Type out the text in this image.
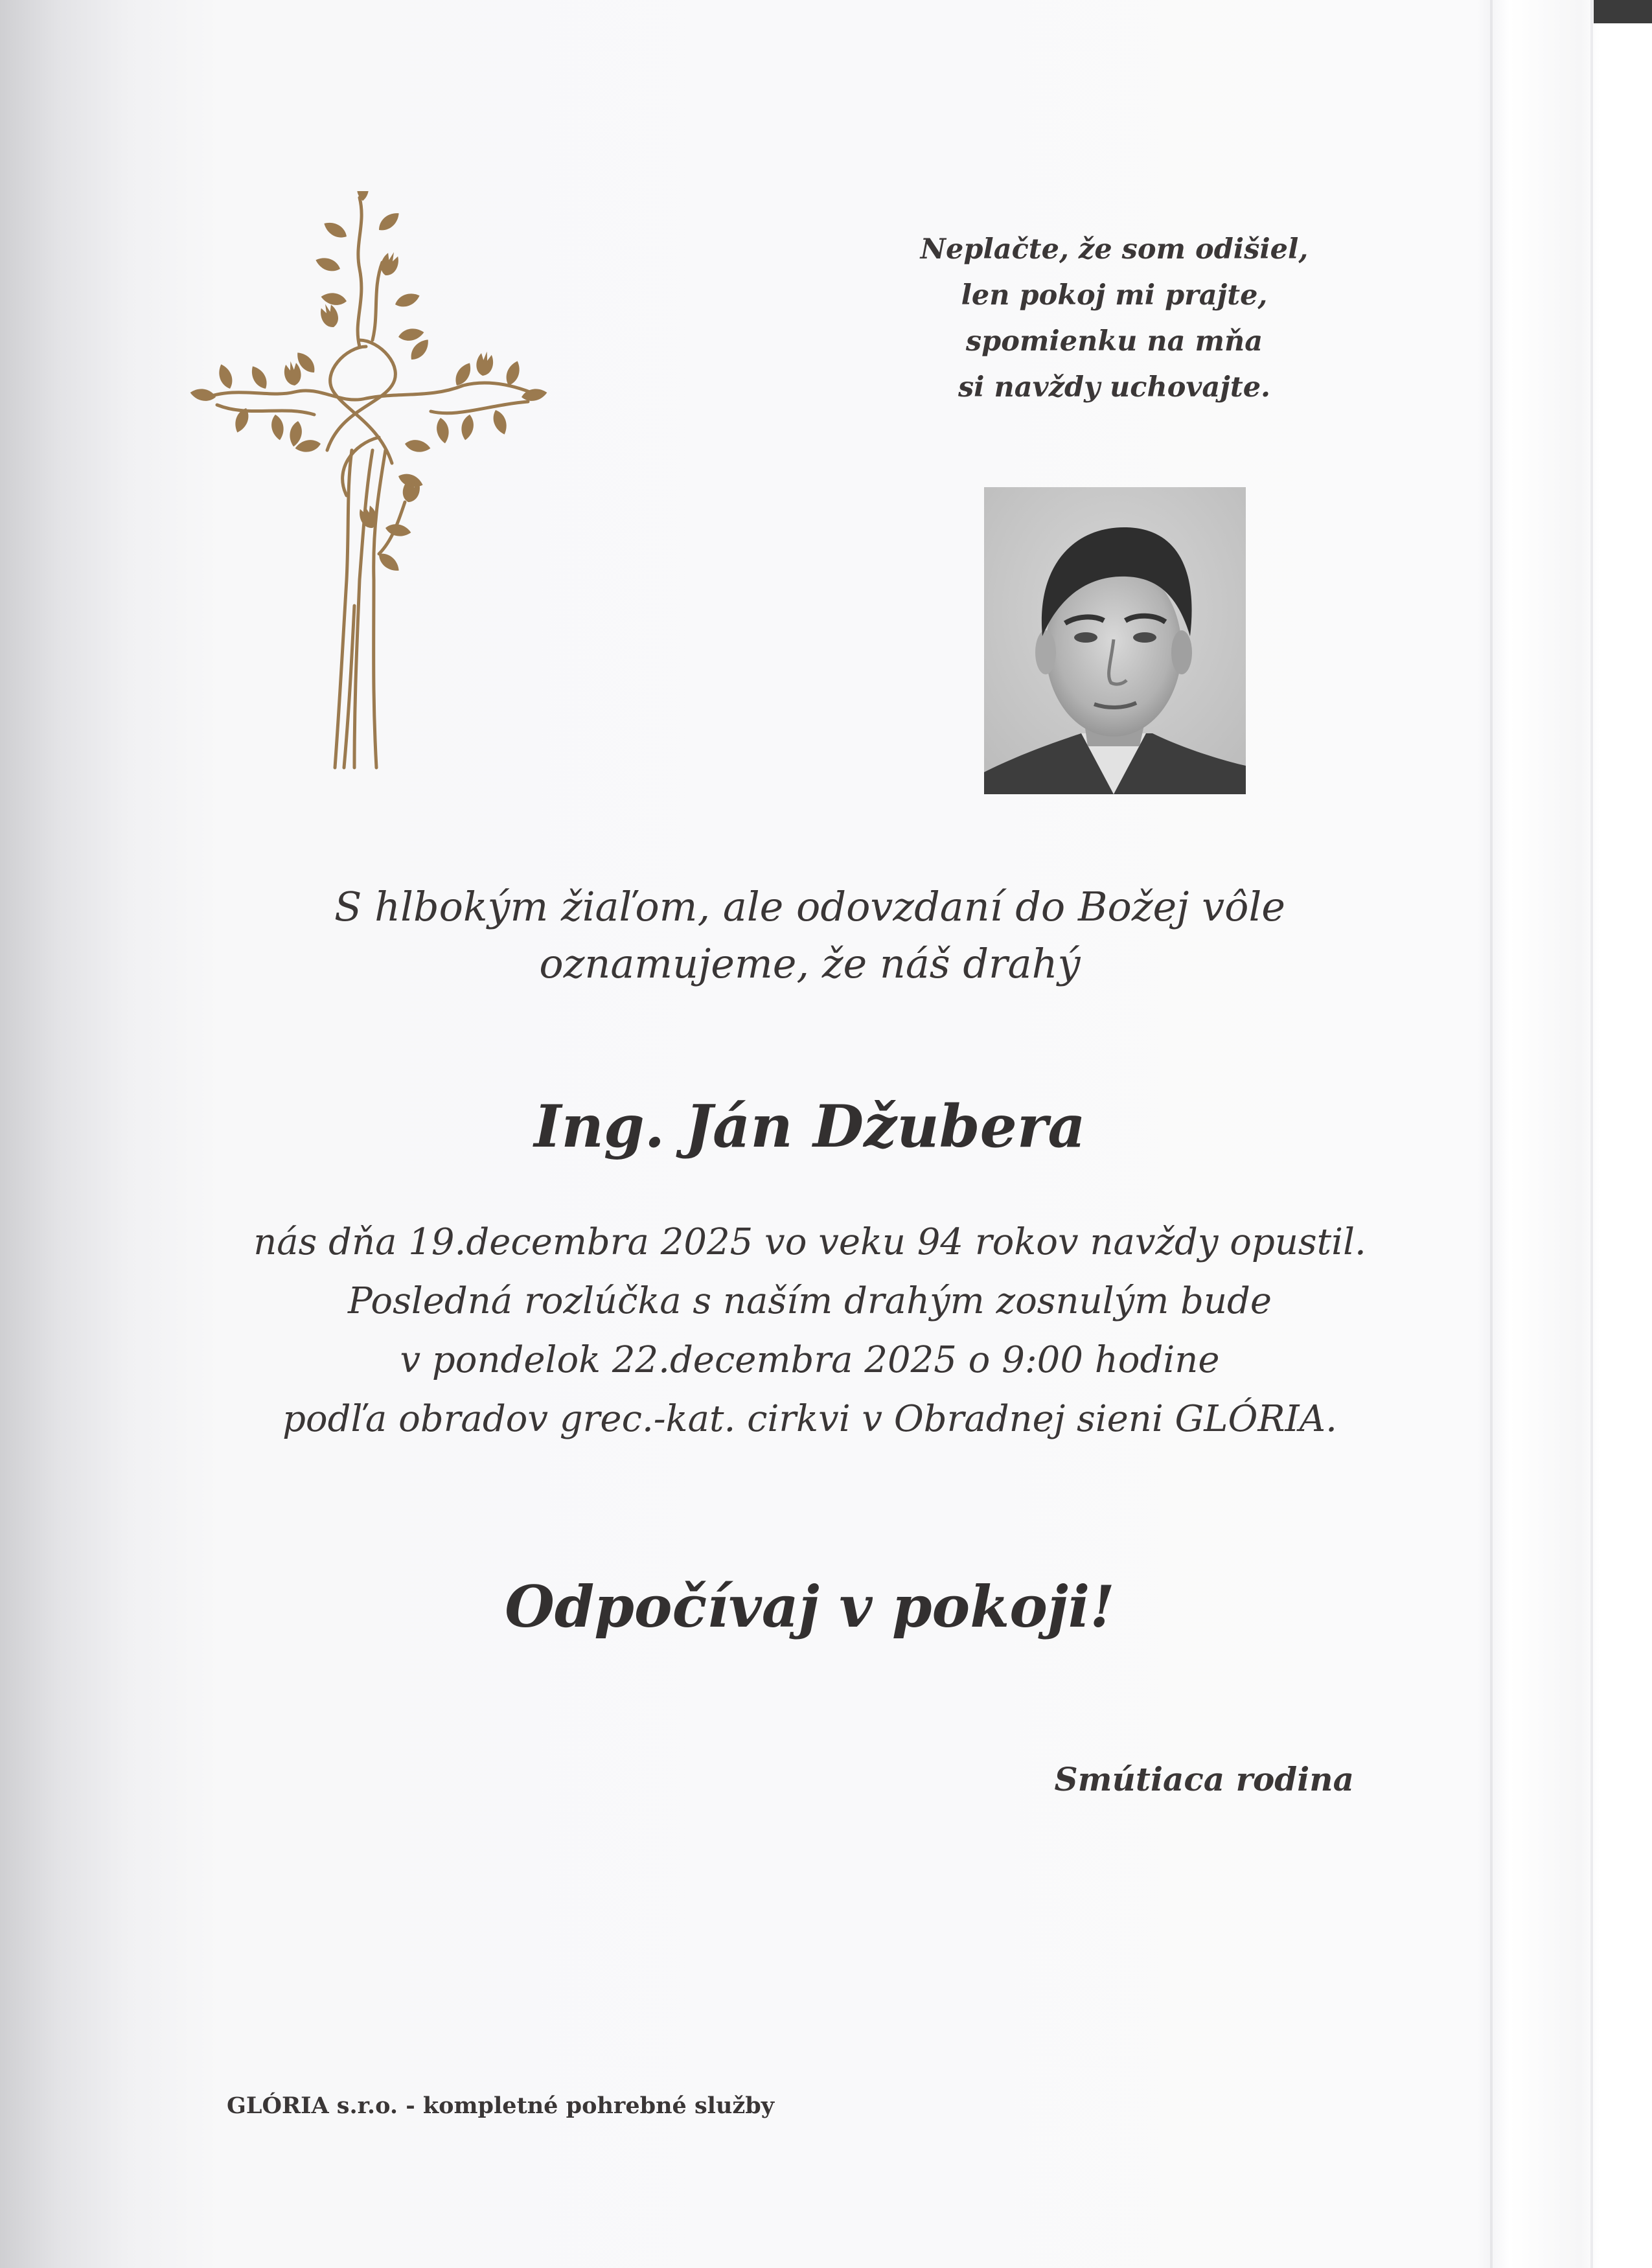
Neplačte, že som odišiel,
len pokoj mi prajte,
spomienku na mňa
si navždy uchovajte.
S hlbokým žiaľom, ale odovzdaní do Božej vôle
oznamujeme, že náš drahý
Ing. Ján Džubera
nás dňa 19.decembra 2025 vo veku 94 rokov navždy opustil.
Posledná rozlúčka s naším drahým zosnulým bude
v pondelok 22.decembra 2025 o 9:00 hodine
podľa obradov grec.-kat. cirkvi v Obradnej sieni GLÓRIA.
Odpočívaj v pokoji!
Smútiaca rodina
GLÓRIA s.r.o. - kompletné pohrebné služby
